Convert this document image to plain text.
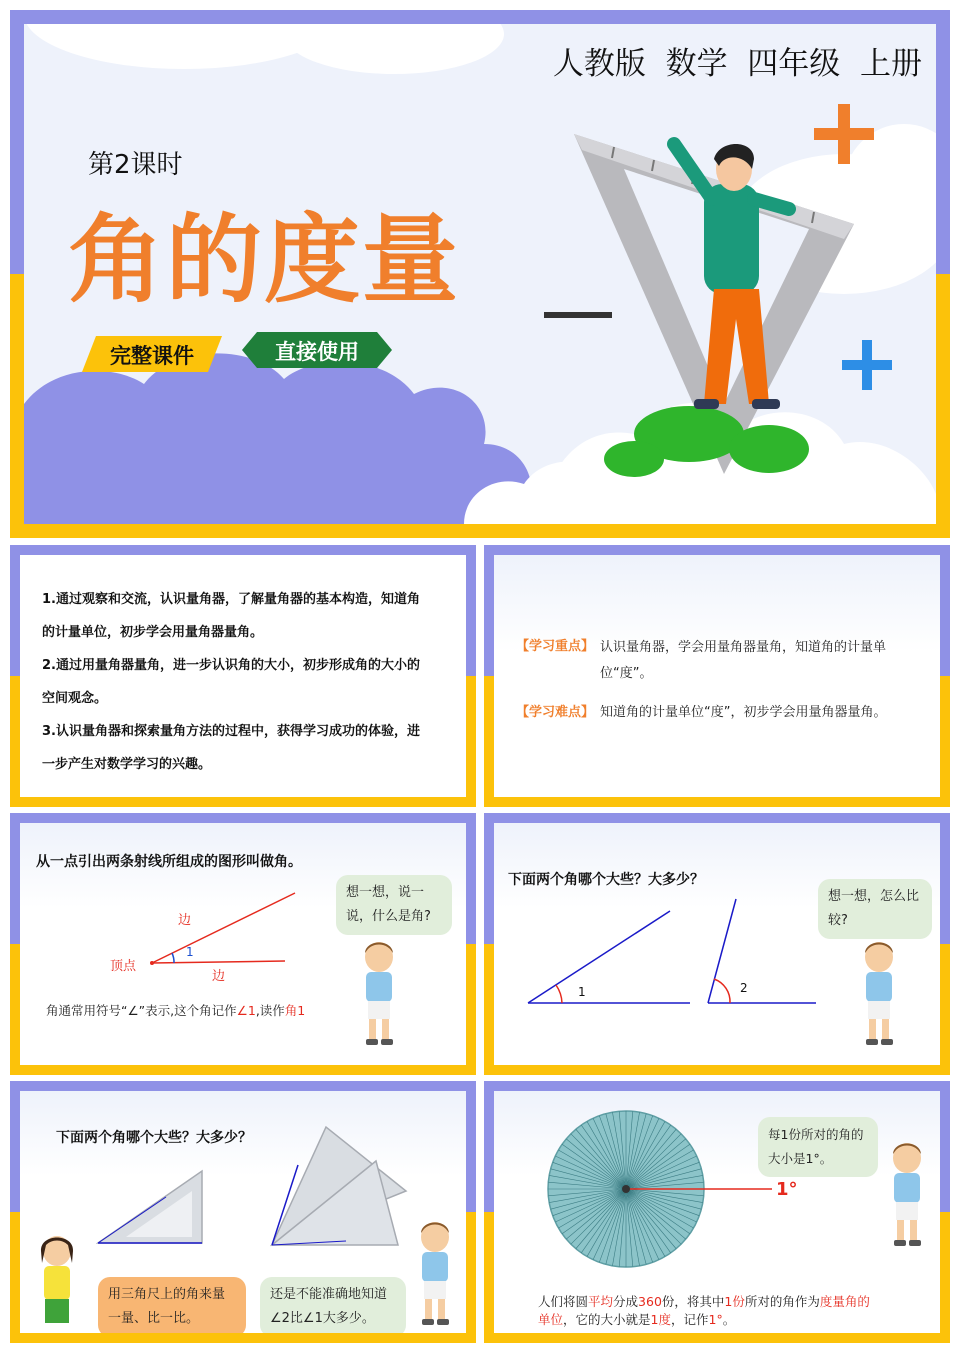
人教版  数学  四年级  上册
第2课时
角的度量
完整课件	直接使用
1.通过观察和交流，认识量角器，了解量角器的基本构造，知道角
的计量单位，初步学会用量角器量角。
2.通过用量角器量角，进一步认识角的大小，初步形成角的大小的
空间观念。
3.认识量角器和探索量角方法的过程中，获得学习成功的体验，进
一步产生对数学学习的兴趣。
【学习重点】 认识量角器，学会用量角器量角，知道角的计量单
位“度”。
【学习难点】 知道角的计量单位“度”，初步学会用量角器量角。
从一点引出两条射线所组成的图形叫做角。
边
边
顶点
1
想一想，说一说，什么是角?
角通常用符号“∠”表示,这个角记作∠1,读作角1
下面两个角哪个大些？大多少？
1	2
想一想，怎么比较?
下面两个角哪个大些？大多少？
用三角尺上的角来量一量、比一比。
还是不能准确地知道∠2比∠1大多少。
1°
每1份所对的角的大小是1°。
人们将圆平均分成360份，将其中1份所对的角作为度量角的
单位，它的大小就是1度，记作1°。
